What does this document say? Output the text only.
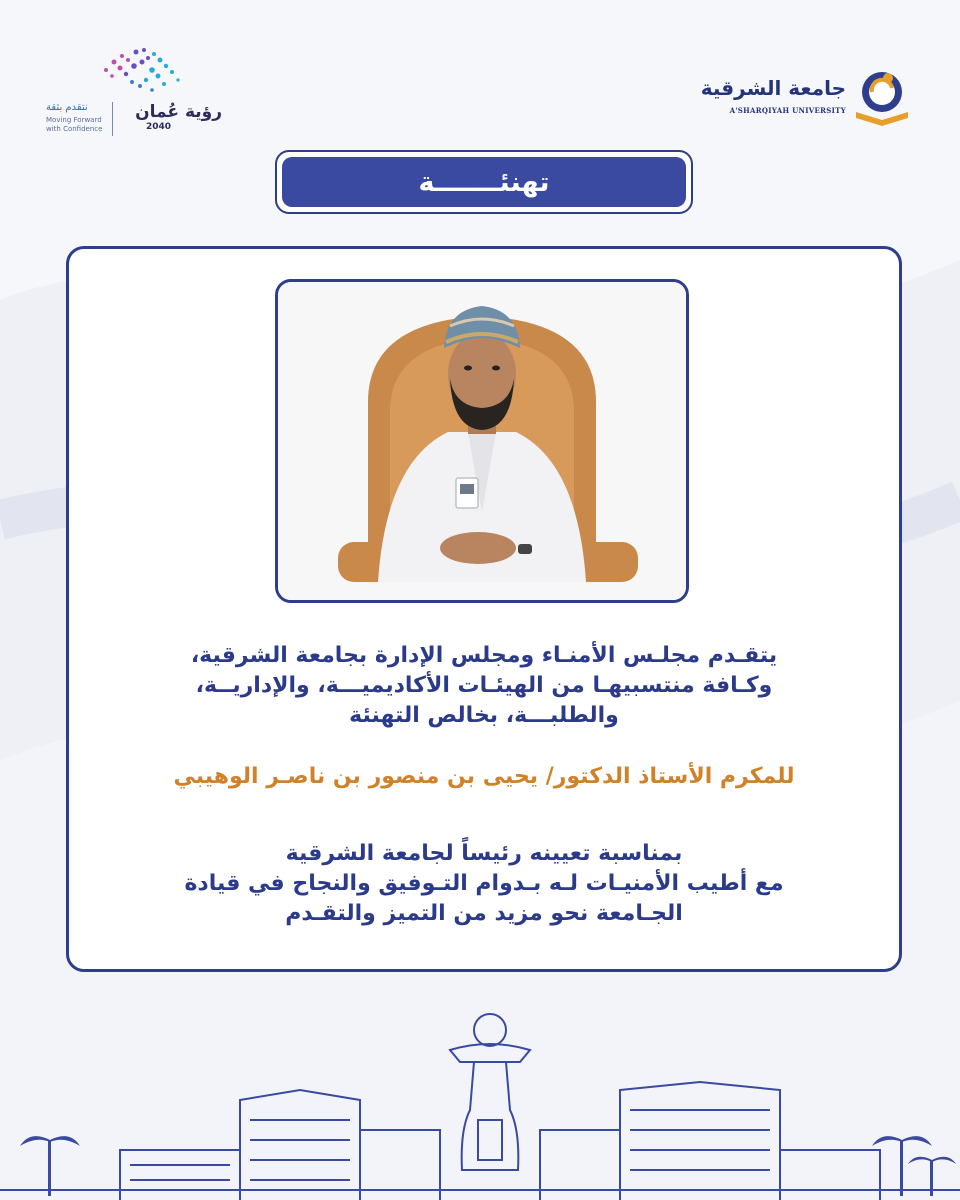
رؤية عُمان
2040
نتقدم بثقة
Moving Forward with Confidence
جامعة الشرقية
A'SHARQIYAH UNIVERSITY
تهنئـــــــة
يتقـدم مجلـس الأمنـاء ومجلس الإدارة بجامعة الشرقية،
وكـافة منتسبيهـا من الهيئـات الأكاديميـــة، والإداريــة،
والطلبـــة، بخالص التهنئة
للمكرم الأستاذ الدكتور/ يحيى بن منصور بن ناصـر الوهيبي
بمناسبة تعيينه رئيساً لجامعة الشرقية
مع أطيب الأمنيـات لـه بـدوام التـوفيق والنجاح في قيادة
الجـامعة نحو مزيد من التميز والتقـدم
